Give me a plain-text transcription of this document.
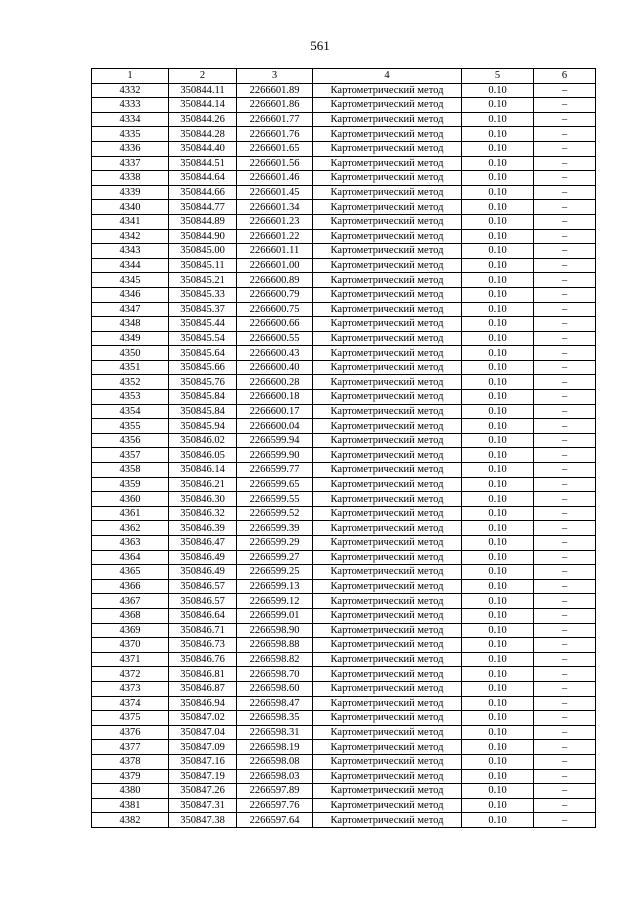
561
1	2	3	4	5	6
4332	350844.11	2266601.89	Картометрический метод	0.10	–
4333	350844.14	2266601.86	Картометрический метод	0.10	–
4334	350844.26	2266601.77	Картометрический метод	0.10	–
4335	350844.28	2266601.76	Картометрический метод	0.10	–
4336	350844.40	2266601.65	Картометрический метод	0.10	–
4337	350844.51	2266601.56	Картометрический метод	0.10	–
4338	350844.64	2266601.46	Картометрический метод	0.10	–
4339	350844.66	2266601.45	Картометрический метод	0.10	–
4340	350844.77	2266601.34	Картометрический метод	0.10	–
4341	350844.89	2266601.23	Картометрический метод	0.10	–
4342	350844.90	2266601.22	Картометрический метод	0.10	–
4343	350845.00	2266601.11	Картометрический метод	0.10	–
4344	350845.11	2266601.00	Картометрический метод	0.10	–
4345	350845.21	2266600.89	Картометрический метод	0.10	–
4346	350845.33	2266600.79	Картометрический метод	0.10	–
4347	350845.37	2266600.75	Картометрический метод	0.10	–
4348	350845.44	2266600.66	Картометрический метод	0.10	–
4349	350845.54	2266600.55	Картометрический метод	0.10	–
4350	350845.64	2266600.43	Картометрический метод	0.10	–
4351	350845.66	2266600.40	Картометрический метод	0.10	–
4352	350845.76	2266600.28	Картометрический метод	0.10	–
4353	350845.84	2266600.18	Картометрический метод	0.10	–
4354	350845.84	2266600.17	Картометрический метод	0.10	–
4355	350845.94	2266600.04	Картометрический метод	0.10	–
4356	350846.02	2266599.94	Картометрический метод	0.10	–
4357	350846.05	2266599.90	Картометрический метод	0.10	–
4358	350846.14	2266599.77	Картометрический метод	0.10	–
4359	350846.21	2266599.65	Картометрический метод	0.10	–
4360	350846.30	2266599.55	Картометрический метод	0.10	–
4361	350846.32	2266599.52	Картометрический метод	0.10	–
4362	350846.39	2266599.39	Картометрический метод	0.10	–
4363	350846.47	2266599.29	Картометрический метод	0.10	–
4364	350846.49	2266599.27	Картометрический метод	0.10	–
4365	350846.49	2266599.25	Картометрический метод	0.10	–
4366	350846.57	2266599.13	Картометрический метод	0.10	–
4367	350846.57	2266599.12	Картометрический метод	0.10	–
4368	350846.64	2266599.01	Картометрический метод	0.10	–
4369	350846.71	2266598.90	Картометрический метод	0.10	–
4370	350846.73	2266598.88	Картометрический метод	0.10	–
4371	350846.76	2266598.82	Картометрический метод	0.10	–
4372	350846.81	2266598.70	Картометрический метод	0.10	–
4373	350846.87	2266598.60	Картометрический метод	0.10	–
4374	350846.94	2266598.47	Картометрический метод	0.10	–
4375	350847.02	2266598.35	Картометрический метод	0.10	–
4376	350847.04	2266598.31	Картометрический метод	0.10	–
4377	350847.09	2266598.19	Картометрический метод	0.10	–
4378	350847.16	2266598.08	Картометрический метод	0.10	–
4379	350847.19	2266598.03	Картометрический метод	0.10	–
4380	350847.26	2266597.89	Картометрический метод	0.10	–
4381	350847.31	2266597.76	Картометрический метод	0.10	–
4382	350847.38	2266597.64	Картометрический метод	0.10	–
